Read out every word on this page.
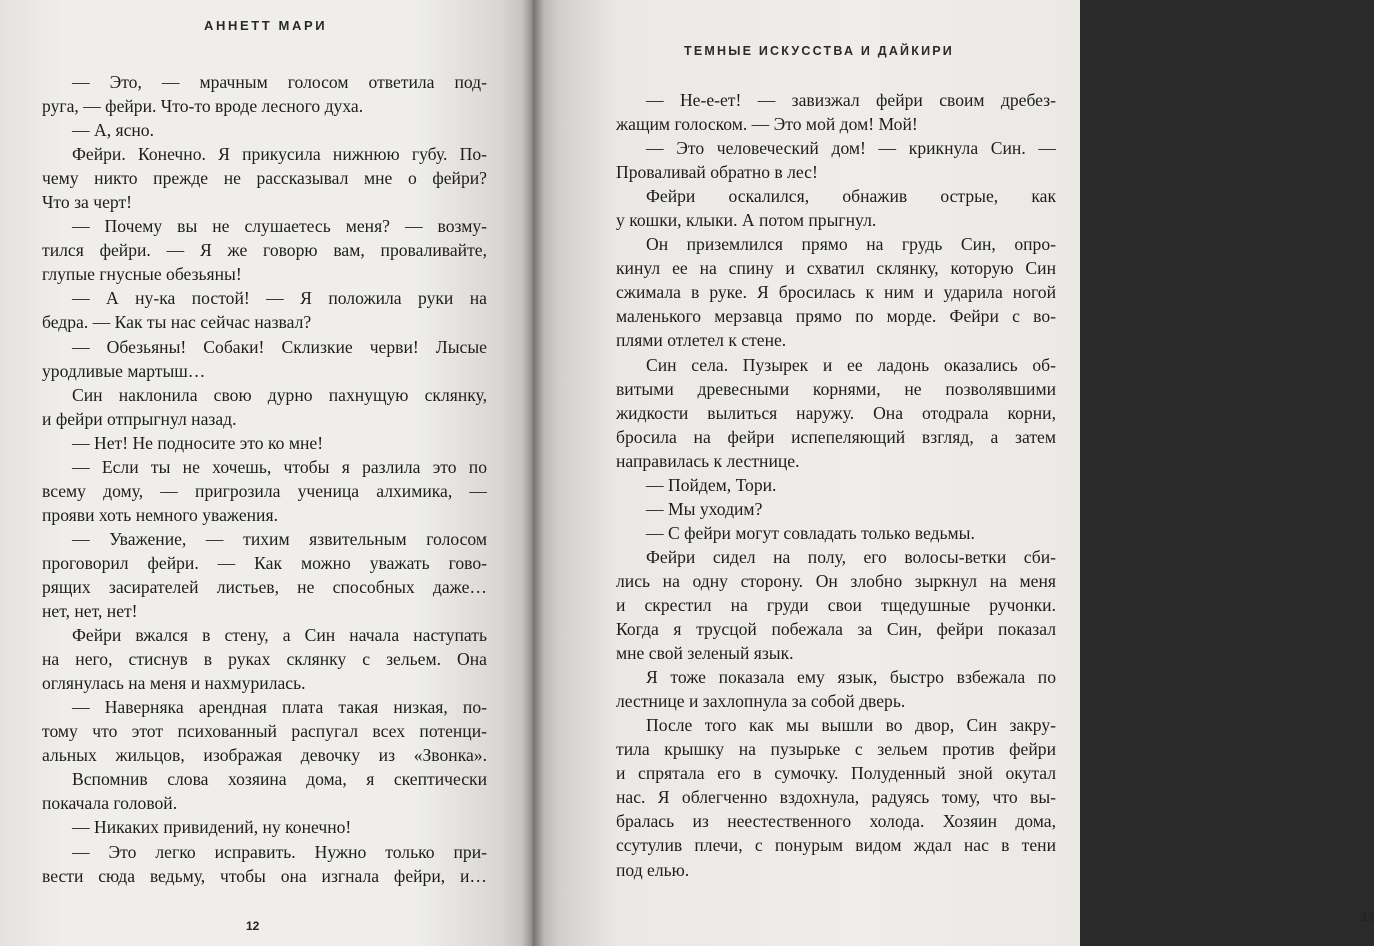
АННЕТТ МАРИ
— Это, — мрачным голосом ответила под-
руга, — фейри. Что-то вроде лесного духа.
— А, ясно.
Фейри. Конечно. Я прикусила нижнюю губу. По-
чему никто прежде не рассказывал мне о фейри?
Что за черт!
— Почему вы не слушаетесь меня? — возму-
тился фейри. — Я же говорю вам, проваливайте,
глупые гнусные обезьяны!
— А ну-ка постой! — Я положила руки на
бедра. — Как ты нас сейчас назвал?
— Обезьяны! Собаки! Склизкие черви! Лысые
уродливые мартыш…
Син наклонила свою дурно пахнущую склянку,
и фейри отпрыгнул назад.
— Нет! Не подносите это ко мне!
— Если ты не хочешь, чтобы я разлила это по
всему дому, — пригрозила ученица алхимика, —
прояви хоть немного уважения.
— Уважение, — тихим язвительным голосом
проговорил фейри. — Как можно уважать гово-
рящих засирателей листьев, не способных даже…
нет, нет, нет!
Фейри вжался в стену, а Син начала наступать
на него, стиснув в руках склянку с зельем. Она
оглянулась на меня и нахмурилась.
— Наверняка арендная плата такая низкая, по-
тому что этот психованный распугал всех потенци-
альных жильцов, изображая девочку из «Звонка».
Вспомнив слова хозяина дома, я скептически
покачала головой.
— Никаких привидений, ну конечно!
— Это легко исправить. Нужно только при-
вести сюда ведьму, чтобы она изгнала фейри, и…
12
ТЕМНЫЕ ИСКУССТВА И ДАЙКИРИ
— Не-е-ет! — завизжал фейри своим дребез-
жащим голоском. — Это мой дом! Мой!
— Это человеческий дом! — крикнула Син. —
Проваливай обратно в лес!
Фейри оскалился, обнажив острые, как
у кошки, клыки. А потом прыгнул.
Он приземлился прямо на грудь Син, опро-
кинул ее на спину и схватил склянку, которую Син
сжимала в руке. Я бросилась к ним и ударила ногой
маленького мерзавца прямо по морде. Фейри с во-
плями отлетел к стене.
Син села. Пузырек и ее ладонь оказались об-
витыми древесными корнями, не позволявшими
жидкости вылиться наружу. Она отодрала корни,
бросила на фейри испепеляющий взгляд, а затем
направилась к лестнице.
— Пойдем, Тори.
— Мы уходим?
— С фейри могут совладать только ведьмы.
Фейри сидел на полу, его волосы-ветки сби-
лись на одну сторону. Он злобно зыркнул на меня
и скрестил на груди свои тщедушные ручонки.
Когда я трусцой побежала за Син, фейри показал
мне свой зеленый язык.
Я тоже показала ему язык, быстро взбежала по
лестнице и захлопнула за собой дверь.
После того как мы вышли во двор, Син закру-
тила крышку на пузырьке с зельем против фейри
и спрятала его в сумочку. Полуденный зной окутал
нас. Я облегченно вздохнула, радуясь тому, что вы-
бралась из неестественного холода. Хозяин дома,
ссутулив плечи, с понурым видом ждал нас в тени
под елью.
13
